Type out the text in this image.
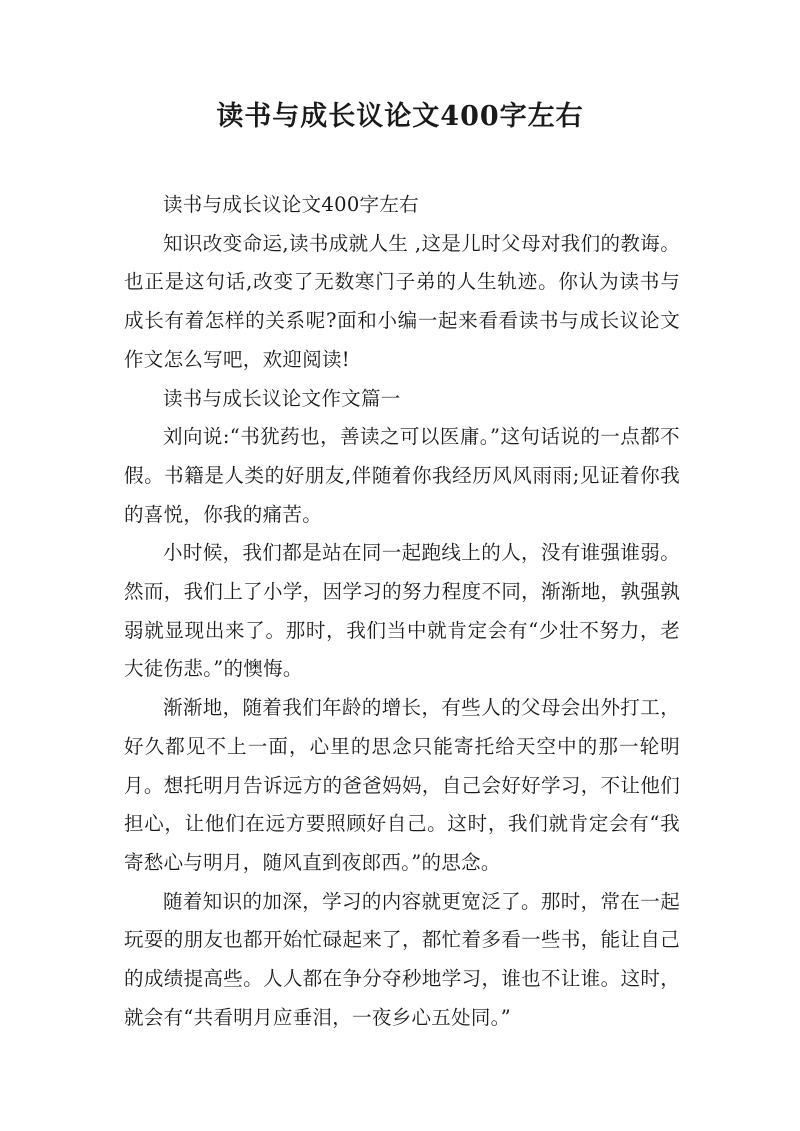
读书与成长议论文400字左右

读书与成长议论文400字左右

知识改变命运,读书成就人生 ,这是儿时父母对我们的教诲。也正是这句话,改变了无数寒门子弟的人生轨迹。你认为读书与成长有着怎样的关系呢?面和小编一起来看看读书与成长议论文作文怎么写吧，欢迎阅读!

读书与成长议论文作文篇一

刘向说:“书犹药也，善读之可以医庸。”这句话说的一点都不假。书籍是人类的好朋友,伴随着你我经历风风雨雨;见证着你我的喜悦，你我的痛苦。

小时候，我们都是站在同一起跑线上的人，没有谁强谁弱。然而，我们上了小学，因学习的努力程度不同，渐渐地，孰强孰弱就显现出来了。那时，我们当中就肯定会有“少壮不努力，老大徒伤悲。”的懊悔。

渐渐地，随着我们年龄的增长，有些人的父母会出外打工，好久都见不上一面，心里的思念只能寄托给天空中的那一轮明月。想托明月告诉远方的爸爸妈妈，自己会好好学习，不让他们担心，让他们在远方要照顾好自己。这时，我们就肯定会有“我寄愁心与明月，随风直到夜郎西。”的思念。

随着知识的加深，学习的内容就更宽泛了。那时，常在一起玩耍的朋友也都开始忙碌起来了，都忙着多看一些书，能让自己的成绩提高些。人人都在争分夺秒地学习，谁也不让谁。这时，就会有“共看明月应垂泪，一夜乡心五处同。”
